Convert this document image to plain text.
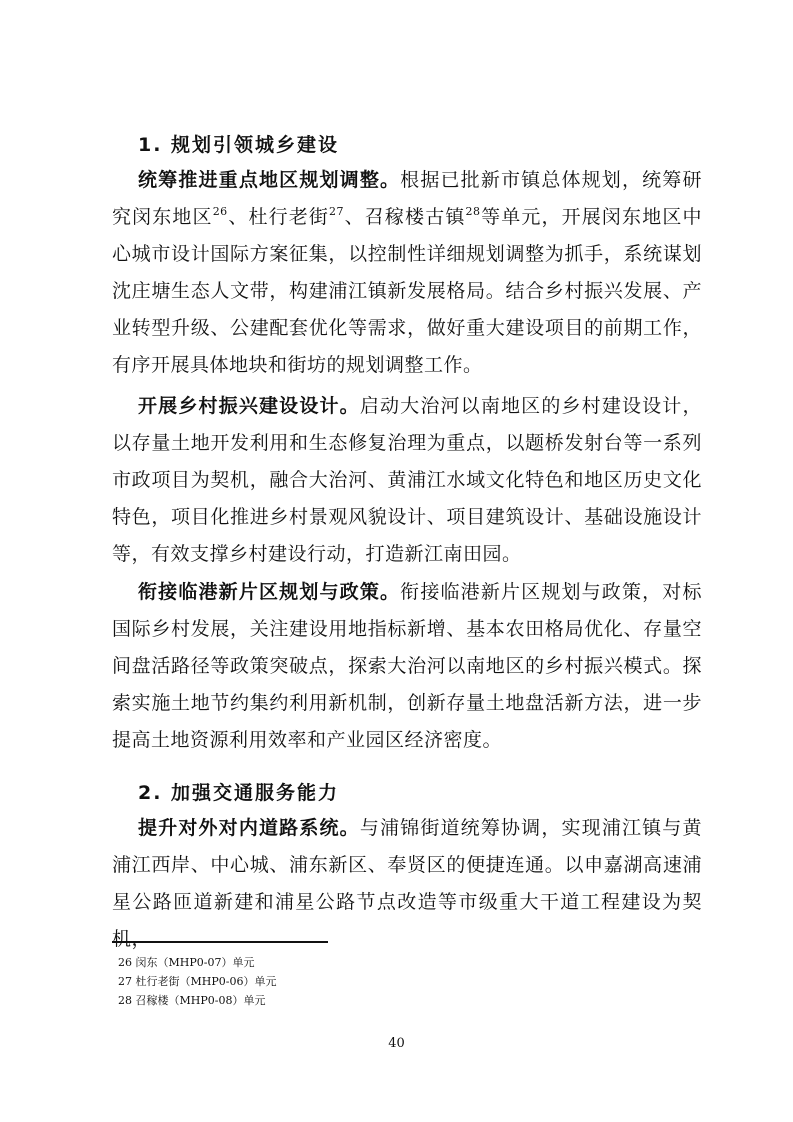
1. 规划引领城乡建设
统筹推进重点地区规划调整。根据已批新市镇总体规划，统筹研究闵东地区$^{26}$、杜行老街$^{27}$、召稼楼古镇$^{28}$等单元，开展闵东地区中心城市设计国际方案征集，以控制性详细规划调整为抓手，系统谋划沈庄塘生态人文带，构建浦江镇新发展格局。结合乡村振兴发展、产业转型升级、公建配套优化等需求，做好重大建设项目的前期工作，有序开展具体地块和街坊的规划调整工作。
开展乡村振兴建设设计。启动大治河以南地区的乡村建设设计，以存量土地开发利用和生态修复治理为重点，以题桥发射台等一系列市政项目为契机，融合大治河、黄浦江水域文化特色和地区历史文化特色，项目化推进乡村景观风貌设计、项目建筑设计、基础设施设计等，有效支撑乡村建设行动，打造新江南田园。
衔接临港新片区规划与政策。衔接临港新片区规划与政策，对标国际乡村发展，关注建设用地指标新增、基本农田格局优化、存量空间盘活路径等政策突破点，探索大治河以南地区的乡村振兴模式。探索实施土地节约集约利用新机制，创新存量土地盘活新方法，进一步提高土地资源利用效率和产业园区经济密度。
2. 加强交通服务能力
提升对外对内道路系统。与浦锦街道统筹协调，实现浦江镇与黄浦江西岸、中心城、浦东新区、奉贤区的便捷连通。以申嘉湖高速浦星公路匝道新建和浦星公路节点改造等市级重大干道工程建设为契机，
26 闵东（MHP0-07）单元
27 杜行老街（MHP0-06）单元
28 召稼楼（MHP0-08）单元
40
